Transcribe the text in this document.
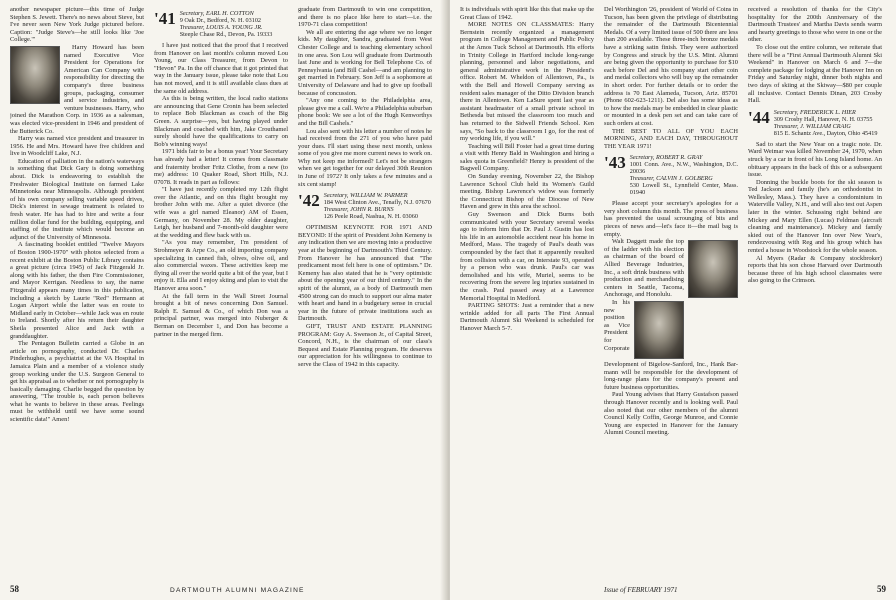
another newspaper picture—this time of Judge Stephen S. Jewett. There's no news about Steve, but I've never seen New York Judge pictured before. Caption: "Judge Steve's—he still looks like 'Joe College.'"

Harry Howard has been named Executive Vice President for Operations for American Can Company with responsibility for directing the company's three business groups, packaging, consumer and service industries, and venture businesses. Harry, who joined the Marathon Corp. in 1936 as a salesman, was elected vice-president in 1946 and president of the Butterick Co.

Harry was named vice president and treasurer in 1956. He and Mrs. Howard have five children and live in Woodcliff Lake, N.J.

Education of palliation in the nation's waterways is something that Dick Gary is doing something about. Dick is endeavoring to establish the Freshwater Biological Institute on farmed Lake Minnetonka near Minneapolis. Although president of his own company selling variable speed drives, Dick's interest in sewage treatment is related to fresh water. He has had to hire and write a four million dollar fund for the building, equipping, and staffing of the institute which would become an adjunct of the University of Minnesota.

A fascinating booklet entitled "Twelve Mayors of Boston 1900-1970" with photos selected from a recent exhibit at the Boston Public Library contains a great picture (circa 1945) of Jack Fitzgerald Jr. along with his father, the then Fire Commissioner, and Mayor Kerrigan. Needless to say, the name Fitzgerald appears many times in this publication, including a sketch by Laurie "Red" Hermann at Logan Airport while the latter was en route to Midland early in October—while Jack was en route to Ireland. Shortly after his return their daughter Sheila presented Alice and Jack with a granddaughter.

The Pentagon Bulletin carried a Globe in an article on pornography, conducted Dr. Charles Pinderhughes, a psychiatrist at the VA Hospital in Jamaica Plain and a member of a violence study group working under the U.S. Surgeon General to get his appraisal as to whether or not pornography is basically damaging. Charlie begged the question by answering, "The trouble is, each person believes what he wants to believe in these areas. Feelings must be withheld until we have some sound scientific data!" Amen!

'41 Secretary, EARL H. COTTON
9 Oak Dr., Bedford, N. H. 03102
Treasurer, LOUIS A. YOUNG JR.
Steeple Chase Rd., Devon, Pa. 19333

I have just noticed that the proof that I received from Hanover on last month's column moved Lou Young, our Class Treasurer, from Devon to "Hevon" Pa. In the off chance that it got printed that way in the January issue, please take note that Lou has not moved, and it is still available class dues at the same old address.

As this is being written, the local radio stations are announcing that Gene Cronin has been selected to replace Bob Blackman as coach of the Big Green. A surprise—yes, but having played under Blackman and coached with him, Jake Crouthamel surely should have the qualifications to carry on Bob's winning ways!

1971 bids fair to be a bonus year! Your Secretary has already had a letter! It comes from classmate and fraternity brother Fritz Clothe, from a new (to me) address: 10 Quaker Road, Short Hills, N.J. 07078. It reads in part as follows:

"I have just recently completed my 12th flight over the Atlantic, and on this flight brought my brother John with me. After a quiet divorce (the wife was a girl named Eleanor) AM of Essen, Germany, on November 28. My older daughter, Leigh, her husband and 7-month-old daughter were at the wedding and flew back with us.

"As you may remember, I'm president of Strohmeyer & Arpe Co., an old importing company specializing in canned fish, olives, olive oil, and also commercial waxes. These activities keep me flying all over the world quite a bit of the year, but I enjoy it. Ella and I enjoy skiing and plan to visit the Hanover area soon."

At the fall term in the Wall Street Journal brought a bit of news concerning Don Samuel. Ralph E. Samuel & Co., of which Don was a principal partner, was merged into Nuberger & Berman on December 1, and Don has become a partner in the merged firm.

graduate from Dartmouth to win one competition, and there is no place like here to start—i.e. the 1970-71 class competition!

We all are entering the age where we no longer kids. My daughter, Sandra, graduated from West Chester College and is teaching elementary school in one area. Son Lou will graduate from Dartmouth last June and is working for Bell Telephone Co. of Pennsylvania (and Bill Cashel—and am planning to get married in February. Son Jeff is a sophomore at University of Delaware and had to give up football because of concussion.

"Any one coming to the Philadelphia area, please give me a call. We're a Philadelphia suburban phone book: We see a lot of the Hugh Kenworthys and the Bill Cashels."

Lou also sent with his letter a number of notes he had received from the 271 of you who have paid your dues. I'll start using these next month, unless some of you give me more current news to work on. Why not keep me informed? Let's not be strangers when we get together for our delayed 30th Reunion in June of 1972? It only takes a few minutes and a six cent stamp!

'42 Secretary, WILLIAM W. PARMER
184 West Clinton Ave., Tenafly, N.J. 07670
Treasurer, JOHN R. BURNS
126 Peele Road, Nashua, N. H. 03060

OPTIMISM KEYNOTE FOR 1971 AND BEYOND: If the spirit of President John Kemeny is any indication then we are moving into a productive year at the beginning of Dartmouth's Third Century. From Hanover he has announced that "The predicament most felt here is one of optimism." Dr. Kemeny has also stated that he is "very optimistic about the opening year of our third century." In the spirit of the alumni, as a body of Dartmouth men 4500 strong can do much to support our alma mater with heart and hand in a budgetary sense in crucial year in the future of private institutions such as Dartmouth.

GIFT, TRUST AND ESTATE PLANNING PROGRAM: Guy A. Swenson Jr., of Capital Street, Concord, N.H., is the chairman of our class's Bequest and Estate Planning program. He deserves our appreciation for his willingness to continue to serve the Class of 1942 in this capacity.

58	DARTMOUTH ALUMNI MAGAZINE

It is individuals with spirit like this that make up the Great Class of 1942.

MORE NOTES ON CLASSMATES: Harry Bernstein recently organized a management program in College Management and Public Policy at the Amos Tuck School at Dartmouth. His efforts in Trinity College in Hartford include long-range planning, personnel and labor negotiations, and general administrative work in the President's office. Robert M. Wheldon of Allentown, Pa., is with the Bell and Howell Company serving as resident sales manager of the Ditto Division branch there in Allentown. Ken LaSure spent last year as assistant headmaster of a small private school in Bethesda but missed the classroom too much and has returned to the Sidwell Friends School. Ken says, "So back to the classroom I go, for the rest of my working life, if you will."

Teaching will Bill Foster had a great time during a visit with Henry Bald in Washington and hiring a sales quota in Greenfield? Henry is president of the Bagwell Company.

On Sunday evening, November 22, the Bishop Lawrence School Club held its Women's Guild meeting. Bishop Lawrence's widow was formerly the Connecticut Bishop of the Diocese of New Haven and grew in this area the school.

Guy Swenson and Dick Burns both communicated with your Secretary several weeks ago to inform him that Dr. Paul J. Gustin has lost his life in an automobile accident near his home in Medford, Mass. The tragedy of Paul's death was compounded by the fact that it apparently resulted from collision with a car, on Interstate 93, operated by a person who was drunk. Paul's car was demolished and his wife, Muriel, seems to be recovering from the severe leg injuries sustained in the crash. Paul passed away at a Lawrence Memorial Hospital in Medford.

PARTING SHOTS: Just a reminder that a new wrinkle added for all parts The First Annual Dartmouth Alumni Ski Weekend is scheduled for Hanover March 5-7.

Del Worthington '26, president of World of Coins in Tucson, has been given the privilege of distributing the remainder of the Dartmouth Bicentennial Medals. Of a very limited issue of 500 there are less than 200 available. These three-inch bronze medals have a striking satin finish. They were authorized by Congress and struck by the U.S. Mint. Alumni are being given the opportunity to purchase for $10 each before Del and his company start other coin and medal collectors who will buy up the remainder in short order. For further details or to order the address is 70 East Alameda, Tucson, Ariz. 85701 (Phone 602-623-1211). Del also has some ideas as to how the medals may be embedded in clear plastic or mounted in a desk pen set and can take care of such orders at cost.

THE BEST TO ALL OF YOU EACH MORNING, AND EACH DAY, THROUGHOUT THE YEAR 1971!

'43 Secretary, ROBERT R. GRAY
1001 Conn. Ave., N.W., Washington, D.C. 20036
Treasurer, CALVIN J. GOLBERG
530 Lowell St., Lynnfield Center, Mass. 01940

Please accept your secretary's apologies for a very short column this month. The press of business has prevented the usual scrounging of bits and pieces of news and—let's face it—the mail bag is empty.

Walt Daggett made the top of the ladder with his election as chairman of the board of Allied Beverage Industries, Inc., a soft drink business with production and merchandising centers in Seattle, Tacoma, Anchorage, and Honolulu.

In his new position as Vice President for Corporate Development of Bigelow-Sanford, Inc., Hank Bar-mann will be responsible for the development of long-range plans for the company's present and future business opportunities.

Paul Young advises that Harry Gustafson passed through Hanover recently and is looking well. Paul also noted that our other members of the alumni Council Kelly Coffin, George Munroe, and Connie Young are expected in Hanover for the January Alumni Council meeting.

received a resolution of thanks for the City's hospitality for the 200th Anniversary of the Dartmouth Trustees' and Martha Davis sends warm and hearty greetings to those who were in one or the other.

To close out the entire column, we reiterate that there will be a "First Annual Dartmouth Alumni Ski Weekend" in Hanover on March 6 and 7—the complete package for lodging at the Hanover Inn on Friday and Saturday night, dinner both nights and two days of skiing at the Skiway—$80 per couple all inclusive. Contact Dennis Dinan, 203 Crosby Hall.

'44 Secretary, FREDERICK L. HIER
309 Crosby Hall, Hanover, N. H. 03755
Treasurer, J. WILLIAM CRAIG
815 E. Schantz Ave., Dayton, Ohio 45419

Sad to start the New Year on a tragic note. Dr. Ward Weimar was killed November 24, 1970, when struck by a car in front of his Long Island home. An obituary appears in the back of this or a subsequent issue.

Donning the buckle boots for the ski season is Ted Jackson and family (he's an orthodontist in Wellesley, Mass.). They have a condominium in Waterville Valley, N.H., and will also test out Aspen later in the winter. Schussing right behind are Mickey and Mary Ellen (Lucas) Feldman (aircraft cleaning and maintenance). Mickey and family skied out of the Hanover Inn over New Year's, rendezvousing with Reg and his group which has rented a house in Woodstock for the whole season.

Al Myers (Radar & Company stockbroker) reports that his son chose Harvard over Dartmouth because three of his high school classmates were also going to the Crimson.

Issue of FEBRUARY 1971	59
